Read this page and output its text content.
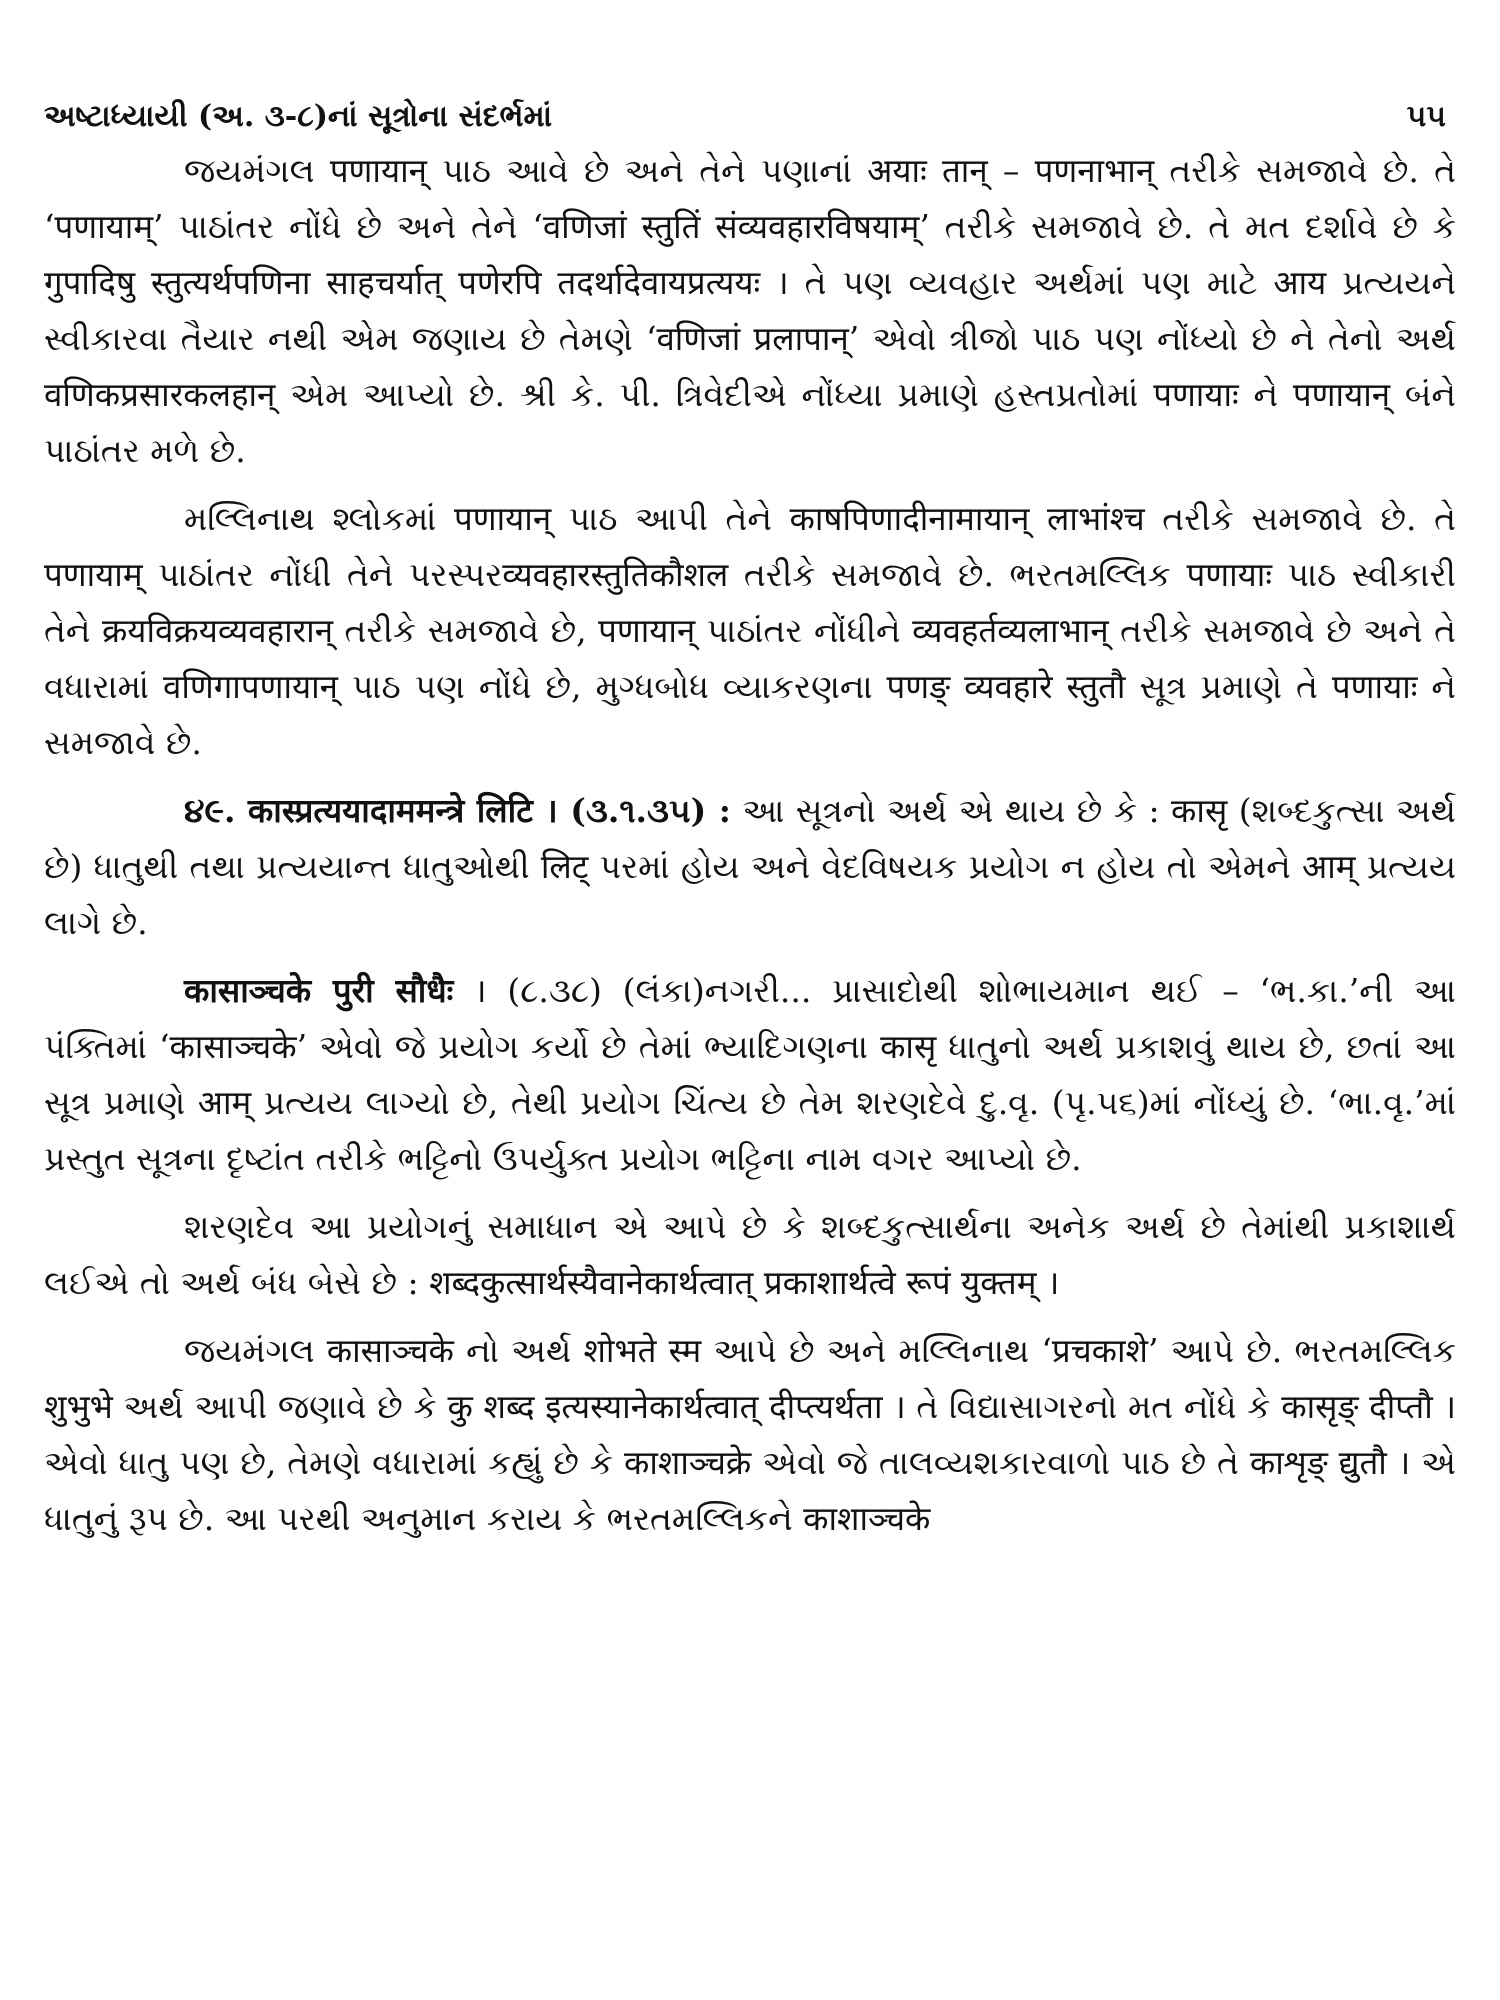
અષ્ટાધ્યાયી (અ. ૩-૮)નાં સૂત્રોના સંદર્ભમાં	૫૫

જયમંગલ पणायान् પાઠ આવે છે અને તેને પણાનાં अयाः तान् – पणनाभान् તરીકે સમજાવે છે. તે ‘पणायाम्’ પાઠાંતર નોંધે છે અને તેને ‘वणिजां स्तुतिं संव्यवहारविषयाम्’ તરીકે સમજાવે છે. તે મત દર્શાવે છે કે गुपादिषु स्तुत्यर्थपणिना साहचर्यात् पणेरपि तदर्थादेवायप्रत्ययः । તે પણ વ્યવહાર અર્થમાં પણ માટે आय પ્રત્યયને સ્વીકારવા તૈયાર નથી એમ જણાય છે તેમણે ‘वणिजां प्रलापान्’ એવો ત્રીજો પાઠ પણ નોંધ્યો છે ને તેનો અર્થ वणिकप्रसारकलहान् એમ આપ્યો છે. શ્રી કે. પી. ત્રિવેદીએ નોંધ્યા પ્રમાણે હસ્તપ્રતોમાં पणायाः ને पणायान् બંને પાઠાંતર મળે છે.

મલ્લિનાથ શ્લોકમાં पणायान् પાઠ આપી તેને काषपिणादीनामायान् लाभांश्च તરીકે સમજાવે છે. તે पणायाम् પાઠાંતર નોંધી તેને પરસ્પરव्यवहारस्तुतिकौशल તરીકે સમજાવે છે. ભરતમલ્લિક पणायाः પાઠ સ્વીકારી તેને क्रयविक्रयव्यवहारान् તરીકે સમજાવે છે, पणायान् પાઠાંતર નોંધીને व्यवहर्तव्यलाभान् તરીકે સમજાવે છે અને તે વધારામાં वणिगापणायान् પાઠ પણ નોંધે છે, મુગ્ધબોધ વ્યાકરણના पणङ् व्यवहारे स्तुतौ સૂત્ર પ્રમાણે તે पणायाः ને સમજાવે છે.

૪૯. कास्प्रत्ययादाममन्त्रे लिटि । (૩.૧.૩૫) : આ સૂત્રનો અર્થ એ થાય છે કે : कासृ (શબ્દકુત્સા અર્થ છે) ધાતુથી તથા પ્રત્યયાન્ત ધાતુઓથી लिट् પરમાં હોય અને વેદવિષયક પ્રયોગ ન હોય તો એમને आम् પ્રત્યય લાગે છે.

कासाञ्चके पुरी सौधैः । (૮.૩૮) (લંકા)નગરી... પ્રાસાદોથી શોભાયમાન થઈ – ‘ભ.કા.’ની આ પંક્તિમાં ‘कासाञ्चके’ એવો જે પ્રયોગ કર્યો છે તેમાં ભ્યાદિગણના कासृ ધાતુનો અર્થ પ્રકાશવું થાય છે, છતાં આ સૂત્ર પ્રમાણે आम् પ્રત્યય લાગ્યો છે, તેથી પ્રયોગ ચિંત્ય છે તેમ શરણદેવે દુ.વૃ. (પૃ.૫૬)માં નોંધ્યું છે. ‘ભા.વૃ.’માં પ્રસ્તુત સૂત્રના દૃષ્ટાંત તરીકે ભટ્ટિનો ઉપર્યુક્ત પ્રયોગ ભટ્ટિના નામ વગર આપ્યો છે.

શરણદેવ આ પ્રયોગનું સમાધાન એ આપે છે કે શબ્દકુત્સાર્થના અનેક અર્થ છે તેમાંથી પ્રકાશાર્થ લઈએ તો અર્થ બંધ બેસે છે : शब्दकुत्सार्थस्यैवानेकार्थत्वात् प्रकाशार्थत्वे रूपं युक्तम् ।

જયમંગલ कासाञ्चके નો અર્થ शोभते स्म આપે છે અને મલ્લિનાથ ‘प्रचकाशे’ આપે છે. ભરતમલ્લિક शुभुभे અર્થ આપી જણાવે છે કે कु शब्द इत्यस्यानेकार्थत्वात् दीप्त्यर्थता । તે વિદ્યાસાગરનો મત નોંધે કે कासृङ् दीप्तौ । એવો ધાતુ પણ છે, તેમણે વધારામાં કહ્યું છે કે काशाञ्चक्रे એવો જે તાલવ્યશકારવાળો પાઠ છે તે काशृङ् द्युतौ । એ ધાતુનું રૂપ છે. આ પરથી અનુમાન કરાય કે ભરતમલ્લિકને काशाञ्चके
